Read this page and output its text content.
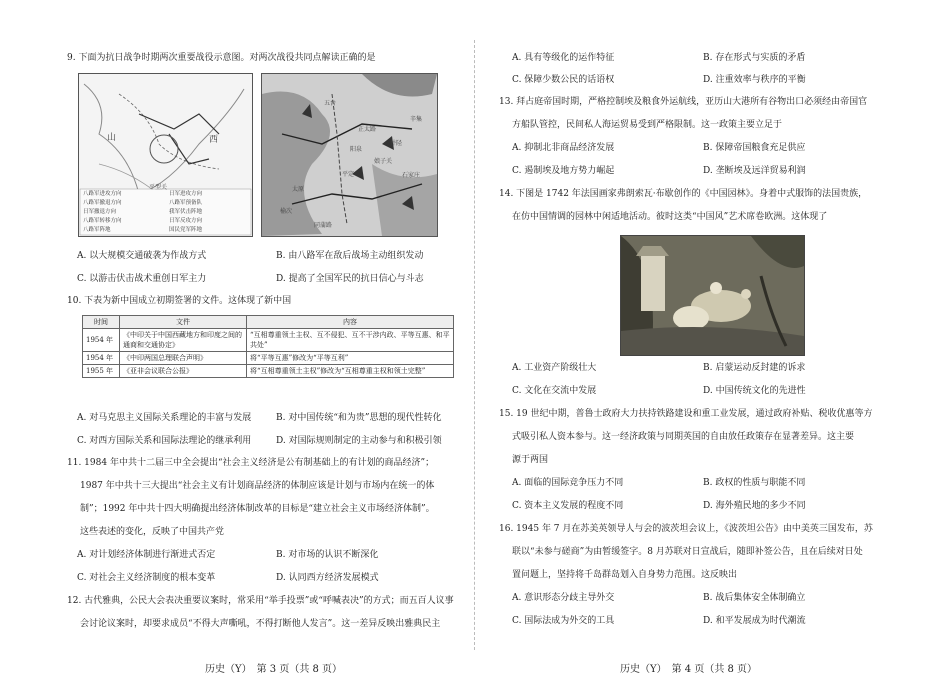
9. 下面为抗日战争时期两次重要战役示意图。对两次战役共同点解读正确的是
山	西
平型关
八路军进攻方向	日军进攻方向
八路军撤退方向	八路军预备队
日军撤退方向	我军伏击阵地
八路军转移方向	日军反攻方向
八路军阵地	国民党军阵地
太原
娘子关
阳泉
五台
平定
井陉
石家庄
辛集
榆次
正太路
同蒲路
A. 以大规模交通破袭为作战方式	B. 由八路军在敌后战场主动组织发动
C. 以游击伏击战术重创日军主力	D. 提高了全国军民的抗日信心与斗志
10. 下表为新中国成立初期签署的文件。这体现了新中国
时间	文件	内容
1954 年	《中印关于中国西藏地方和印度之间的通商和交通协定》	“互相尊重领土主权、互不侵犯、互不干涉内政、平等互惠、和平共处”
1954 年	《中印两国总理联合声明》	将“平等互惠”修改为“平等互利”
1955 年	《亚非会议联合公报》	将“互相尊重领土主权”修改为“互相尊重主权和领土完整”
A. 对马克思主义国际关系理论的丰富与发展	B. 对中国传统“和为贵”思想的现代性转化
C. 对西方国际关系和国际法理论的继承利用	D. 对国际规则制定的主动参与和积极引领
11. 1984 年中共十二届三中全会提出“社会主义经济是公有制基础上的有计划的商品经济”；
1987 年中共十三大提出“社会主义有计划商品经济的体制应该是计划与市场内在统一的体
制”；1992 年中共十四大明确提出经济体制改革的目标是“建立社会主义市场经济体制”。
这些表述的变化，反映了中国共产党
A. 对计划经济体制进行渐进式否定	B. 对市场的认识不断深化
C. 对社会主义经济制度的根本变革	D. 认同西方经济发展模式
12. 古代雅典，公民大会表决重要议案时，常采用“举手投票”或“呼喊表决”的方式；而五百人议事
会讨论议案时，却要求成员“不得大声嘶吼，不得打断他人发言”。这一差异反映出雅典民主
历史（Y）　第 3 页（共 8 页）
A. 具有等级化的运作特征	B. 存在形式与实质的矛盾
C. 保障少数公民的话语权	D. 注重效率与秩序的平衡
13. 拜占庭帝国时期，严格控制埃及粮食外运航线，亚历山大港所有谷物出口必须经由帝国官
方船队管控，民间私人海运贸易受到严格限制。这一政策主要立足于
A. 抑制北非商品经济发展	B. 保障帝国粮食充足供应
C. 遏制埃及地方势力崛起	D. 垄断埃及远洋贸易利润
14. 下图是 1742 年法国画家弗朗索瓦·布歇创作的《中国园林》。身着中式服饰的法国贵族，
在仿中国情调的园林中闲适地活动。彼时这类“中国风”艺术席卷欧洲。这体现了
A. 工业资产阶级壮大	B. 启蒙运动反封建的诉求
C. 文化在交流中发展	D. 中国传统文化的先进性
15. 19 世纪中期，普鲁士政府大力扶持铁路建设和重工业发展，通过政府补贴、税收优惠等方
式吸引私人资本参与。这一经济政策与同期英国的自由放任政策存在显著差异。这主要
源于两国
A. 面临的国际竞争压力不同	B. 政权的性质与职能不同
C. 资本主义发展的程度不同	D. 海外殖民地的多少不同
16. 1945 年 7 月在苏美英领导人与会的波茨坦会议上，《波茨坦公告》由中美英三国发布，苏
联以“未参与磋商”为由暂缓签字。8 月苏联对日宣战后，随即补签公告，且在后续对日处
置问题上，坚持将千岛群岛划入自身势力范围。这反映出
A. 意识形态分歧主导外交	B. 战后集体安全体制确立
C. 国际法成为外交的工具	D. 和平发展成为时代潮流
历史（Y）　第 4 页（共 8 页）
